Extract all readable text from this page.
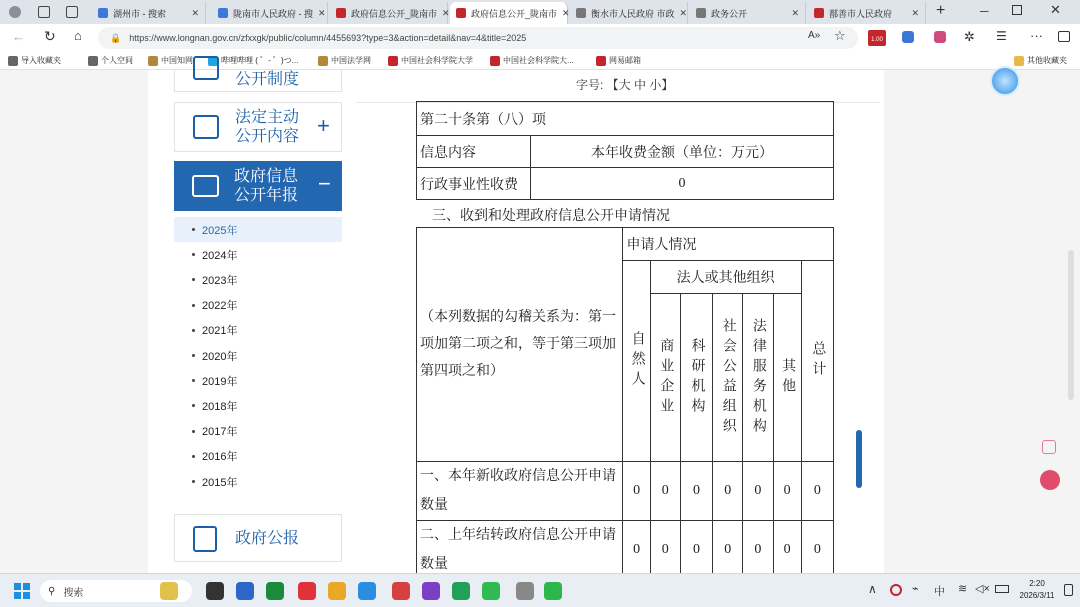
湖州市 - 搜索	✕	陇南市人民政府 - 搜 ✕	政府信息公开_陇南市 ✕ 政府信息公开_陇南市 ✕ 衡水市人民政府 市政 ✕	政务公开	✕	鄯善市人民政府 ✕ +	─	✕
← ↻ ⌂	🔒 https://www.longnan.gov.cn/zfxxgk/public/column/4455693?type=3&action=detail&nav=4&title=2025	A» ☆	1.00	✲ ☰ ···
导入收藏夹	个人空间	中国知网	哔哩哔哩 ( ゜- ゜)つ...	中国法学网	中国社会科学院大学	中国社会科学院大...	网易邮箱	其他收藏夹
公开制度
法定主动
公开内容 +
政府信息
公开年报 −
2025年
2024年
2023年
2022年
2021年
2020年
2019年
2018年
2017年
2016年
2015年
政府公报
字号: 【大 中 小】
第二十条第（八）项	
信息内容	本年收费金额（单位：万元）
行政事业性收费	0
三、收到和处理政府信息公开申请情况
（本列数据的勾稽关系为：第一项加第二项之和，等于第三项加第四项之和）	申请人情况						
	自然人	法人或其他组织					总计
		商业企业	科研机构	社会公益组织	法律服务机构	其他	
一、本年新收政府信息公开申请数量	0	0	0	0	0	0	0
二、上年结转政府信息公开申请数量	0	0	0	0	0	0	0
⚲ 搜索	∧	⌁ 中 ≋ ◁×	2:20
2026/3/11
